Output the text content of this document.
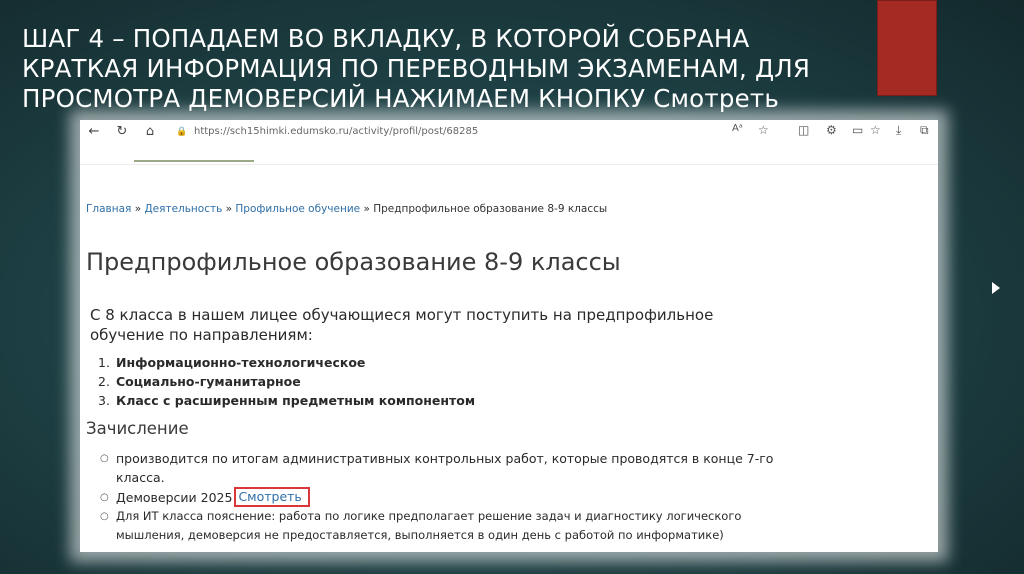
ШАГ 4 – ПОПАДАЕМ ВО ВКЛАДКУ, В КОТОРОЙ СОБРАНА
КРАТКАЯ ИНФОРМАЦИЯ ПО ПЕРЕВОДНЫМ ЭКЗАМЕНАМ, ДЛЯ
ПРОСМОТРА ДЕМОВЕРСИЙ НАЖИМАЕМ КНОПКУ Смотреть
←	↻	⌂	🔒 https://sch15himki.edumsko.ru/activity/profil/post/68285	Aᵃ ☆ ◫ ⚙ ▭ ☆ ⤓ ⧉
Главная » Деятельность » Профильное обучение » Предпрофильное образование 8-9 классы
Предпрофильное образование 8-9 классы
С 8 класса в нашем лицее обучающиеся могут поступить на предпрофильное
обучение по направлениям:
1. Информационно-технологическое
2. Социально-гуманитарное
3. Класс с расширенным предметным компонентом
Зачисление
○ производится по итогам административных контрольных работ, которые проводятся в конце 7-го
класса.
○ Демоверсии 2025 Смотреть
○ Для ИТ класса пояснение: работа по логике предполагает решение задач и диагностику логического
мышления, демоверсия не предоставляется, выполняется в один день с работой по информатике)
